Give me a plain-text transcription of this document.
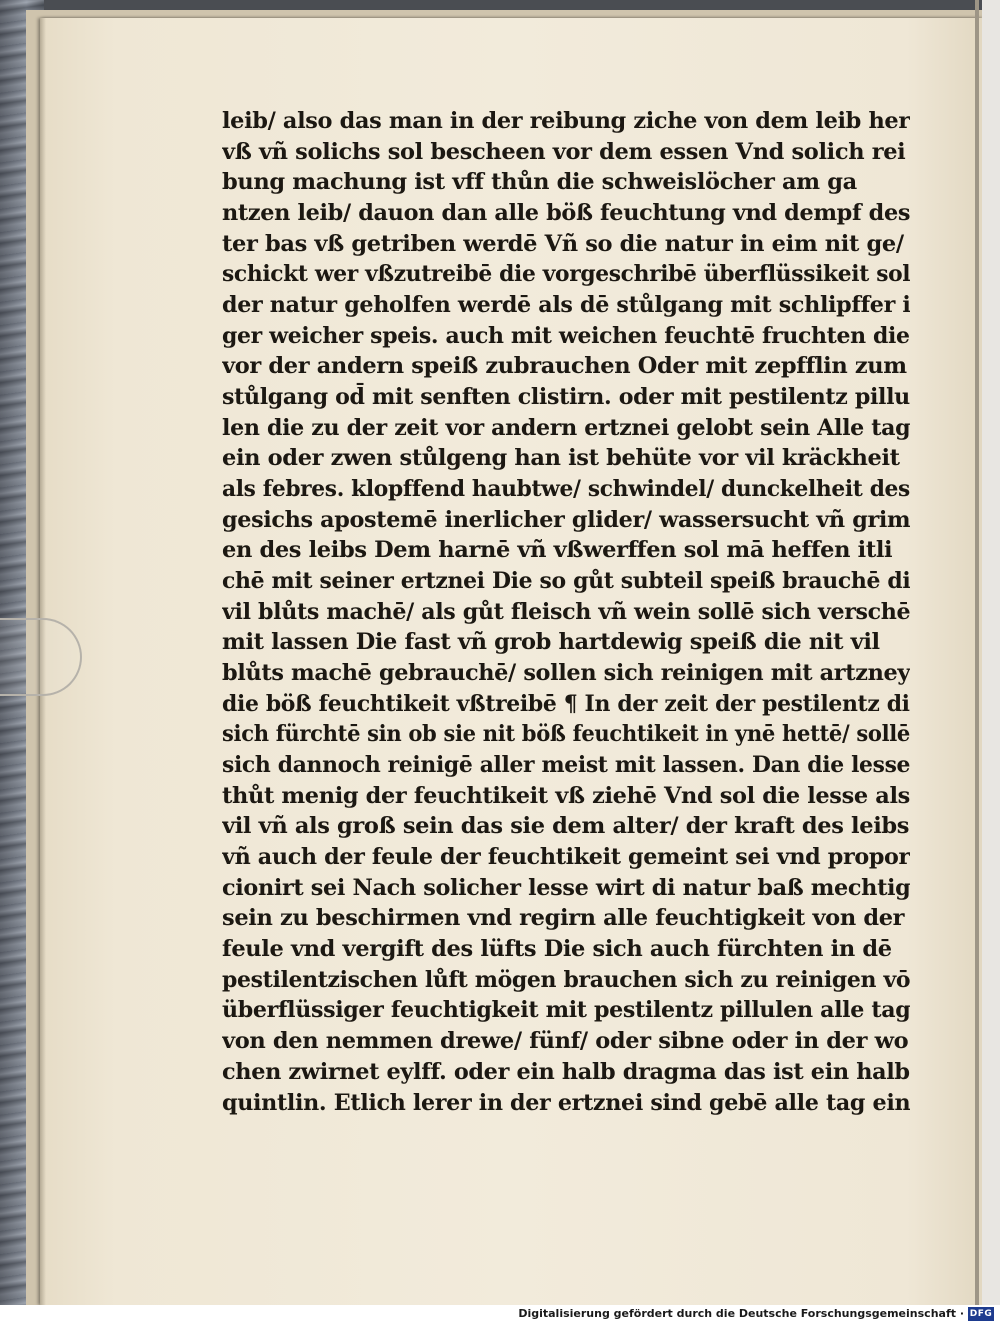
leib/ also das man in der reibung ziche von dem leib her

vß vñ solichs sol bescheen vor dem essen Vnd solich rei

bung machung ist vff thůn die schweislöcher am ga

ntzen leib/ dauon dan alle böß feuchtung vnd dempf des

ter bas vß getriben werdē Vñ so die natur in eim nit ge/

schickt wer vßzutreibē die vorgeschribē überflüssikeit sol

der natur geholfen werdē als dē stůlgang mit schlipffer i

ger weicher speis. auch mit weichen feuchtē fruchten die

vor der andern speiß zubrauchen Oder mit zepfflin zum

stůlgang od̄ mit senften clistirn. oder mit pestilentz pillu

len die zu der zeit vor andern ertznei gelobt sein Alle tag

ein oder zwen stůlgeng han ist behüte vor vil kräckheit

als febres. klopffend haubtwe/ schwindel/ dunckelheit des

gesichs apostemē inerlicher glider/ wassersucht vñ grim

en des leibs Dem harnē vñ vßwerffen sol mā heffen itli

chē mit seiner ertznei Die so gůt subteil speiß brauchē di

vil blůts machē/ als gůt fleisch vñ wein sollē sich verschē

mit lassen Die fast vñ grob hartdewig speiß die nit vil

blůts machē gebrauchē/ sollen sich reinigen mit artzney

die böß feuchtikeit vßtreibē ¶ In der zeit der pestilentz di

sich fürchtē sin ob sie nit böß feuchtikeit in ynē hettē/ sollē

sich dannoch reinigē aller meist mit lassen. Dan die lesse

thůt menig der feuchtikeit vß ziehē Vnd sol die lesse als

vil vñ als groß sein das sie dem alter/ der kraft des leibs

vñ auch der feule der feuchtikeit gemeint sei vnd propor

cionirt sei Nach solicher lesse wirt di natur baß mechtig

sein zu beschirmen vnd regirn alle feuchtigkeit von der

feule vnd vergift des lüfts Die sich auch fürchten in dē

pestilentzischen lůft mögen brauchen sich zu reinigen vō

überflüssiger feuchtigkeit mit pestilentz pillulen alle tag

von den nemmen drewe/ fünf/ oder sibne oder in der wo

chen zwirnet eylff. oder ein halb dragma das ist ein halb

quintlin. Etlich lerer in der ertznei sind gebē alle tag ein

Digitalisierung gefördert durch die Deutsche Forschungsgemeinschaft · DFG
